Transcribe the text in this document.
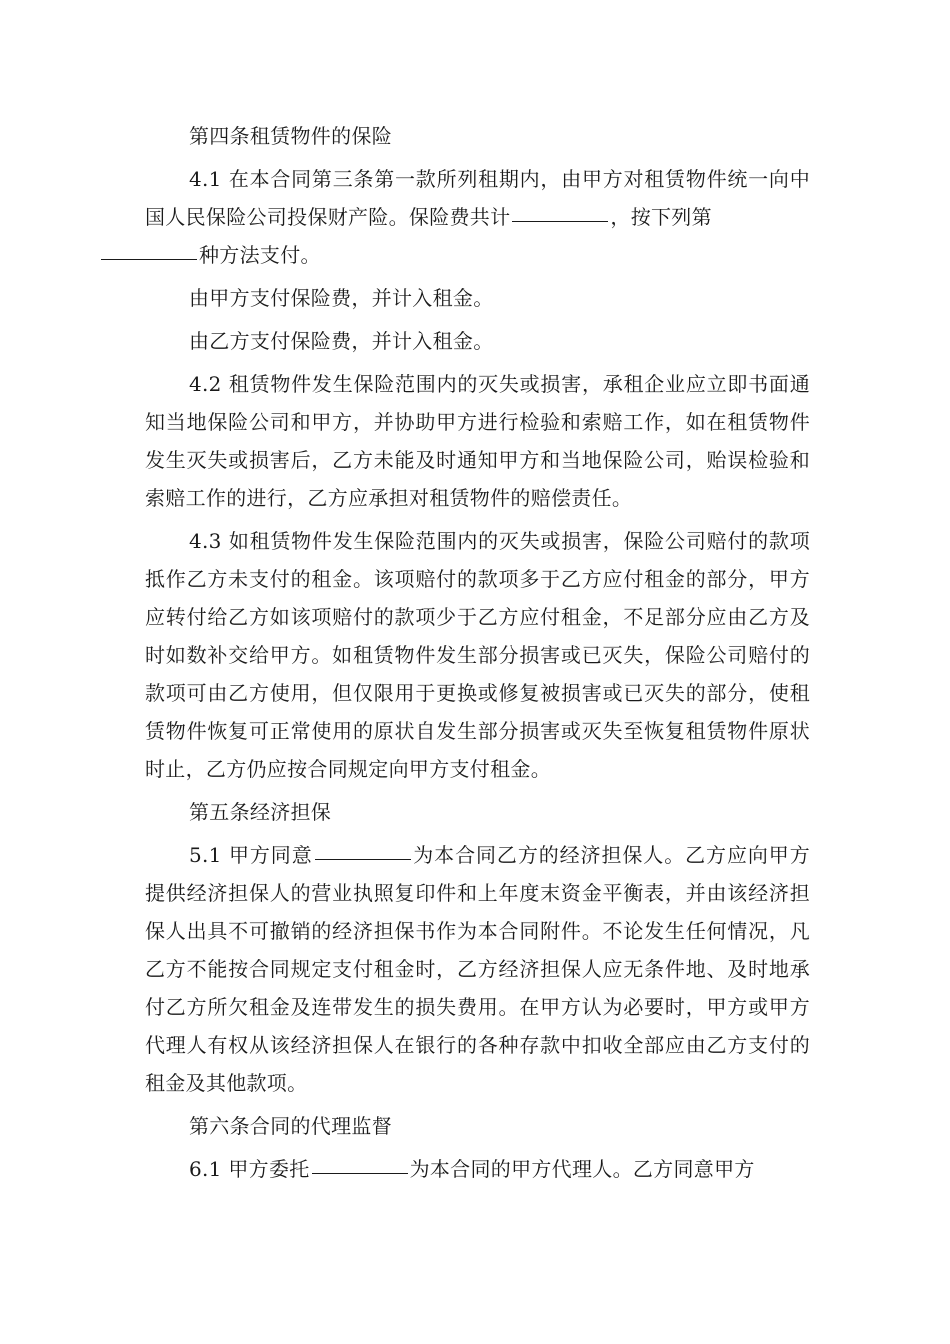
第四条租赁物件的保险

4.1 在本合同第三条第一款所列租期内，由甲方对租赁物件统一向中国人民保险公司投保财产险。保险费共计	，按下列第
种方法支付。

由甲方支付保险费，并计入租金。

由乙方支付保险费，并计入租金。

4.2 租赁物件发生保险范围内的灭失或损害，承租企业应立即书面通知当地保险公司和甲方，并协助甲方进行检验和索赔工作，如在租赁物件发生灭失或损害后，乙方未能及时通知甲方和当地保险公司，贻误检验和索赔工作的进行，乙方应承担对租赁物件的赔偿责任。

4.3 如租赁物件发生保险范围内的灭失或损害，保险公司赔付的款项抵作乙方未支付的租金。该项赔付的款项多于乙方应付租金的部分，甲方应转付给乙方如该项赔付的款项少于乙方应付租金，不足部分应由乙方及时如数补交给甲方。如租赁物件发生部分损害或已灭失，保险公司赔付的款项可由乙方使用，但仅限用于更换或修复被损害或已灭失的部分，使租赁物件恢复可正常使用的原状自发生部分损害或灭失至恢复租赁物件原状时止，乙方仍应按合同规定向甲方支付租金。

第五条经济担保

5.1 甲方同意	为本合同乙方的经济担保人。乙方应向甲方提供经济担保人的营业执照复印件和上年度末资金平衡表，并由该经济担保人出具不可撤销的经济担保书作为本合同附件。不论发生任何情况，凡乙方不能按合同规定支付租金时，乙方经济担保人应无条件地、及时地承付乙方所欠租金及连带发生的损失费用。在甲方认为必要时，甲方或甲方代理人有权从该经济担保人在银行的各种存款中扣收全部应由乙方支付的租金及其他款项。

第六条合同的代理监督

6.1 甲方委托	为本合同的甲方代理人。乙方同意甲方
